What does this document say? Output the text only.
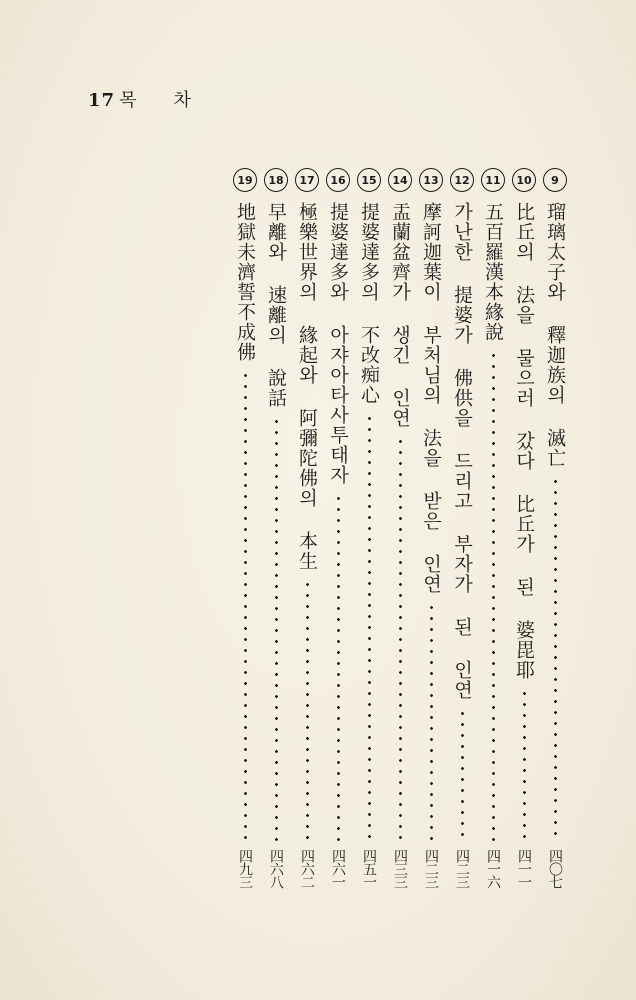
17 목 차
9
瑠璃太子와 釋迦族의 滅亡
四〇七
10
比丘의 法을 물으러 갔다 比丘가 된 婆毘耶
四一一
11
五百羅漢本緣說
四一六
12
가난한 提婆가 佛供을 드리고 부자가 된 인연
四二三
13
摩訶迦葉이 부처님의 法을 받은 인연
四二三
14
盂蘭盆齊가 생긴 인연
四三三
15
提婆達多의 不改痴心
四五一
16
提婆達多와 아쟈아타사투태자
四六一
17
極樂世界의 緣起와 阿彌陀佛의 本生
四六二
18
早離와 速離의 說話
四六八
19
地獄未濟誓不成佛
四九三
